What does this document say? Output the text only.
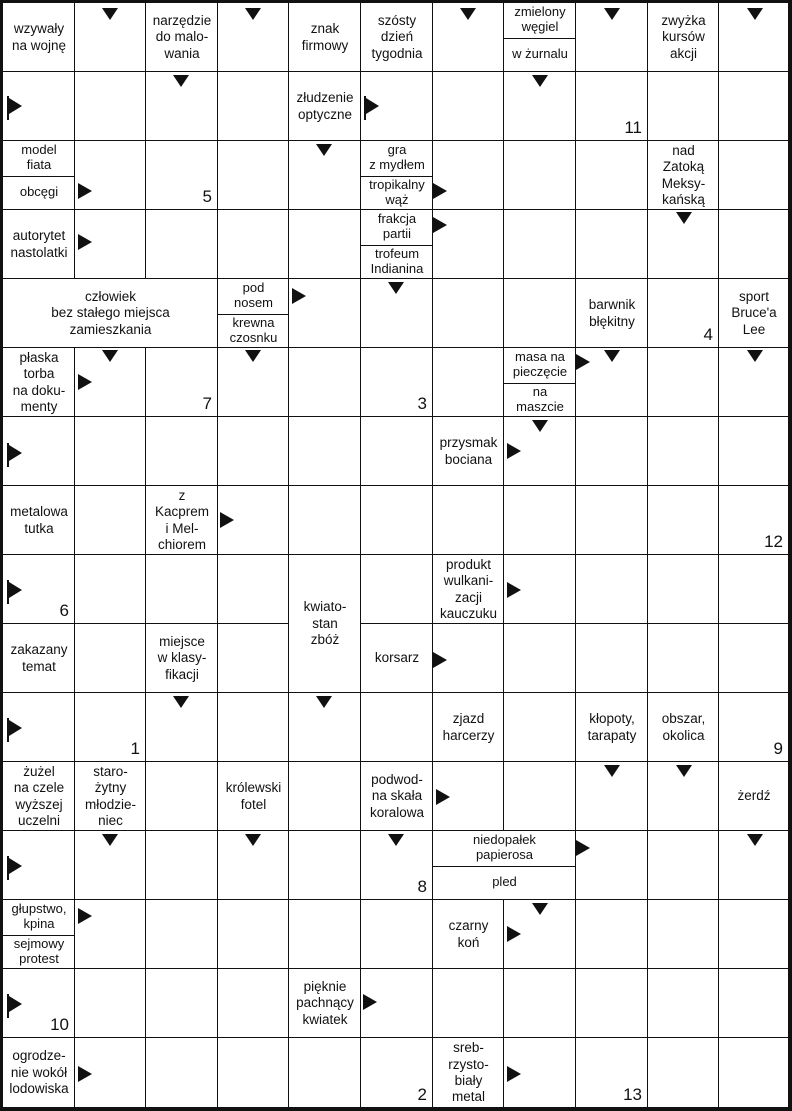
wzywały
na wojnę
narzędzie
do malo-
wania
znak
firmowy
szósty
dzień
tygodnia
zmielony
węgiel
w żurnalu
zwyżka
kursów
akcji
złudzenie
optyczne
model
fiata
obcęgi
gra
z mydłem
tropikalny
wąż
nad
Zatoką
Meksy-
kańską
autorytet
nastolatki
frakcja
partii
trofeum
Indianina
człowiek
bez stałego miejsca
zamieszkania
pod
nosem
krewna
czosnku
barwnik
błękitny
sport
Bruce'a
Lee
płaska
torba
na doku-
menty
masa na
pieczęcie
na
maszcie
przysmak
bociana
metalowa
tutka
z
Kacprem
i Mel-
chiorem
produkt
wulkani-
zacji
kauczuku
kwiato-
stan
zbóż
zakazany
temat
miejsce
w klasy-
fikacji
korsarz
zjazd
harcerzy
kłopoty,
tarapaty
obszar,
okolica
żużel
na czele
wyższej
uczelni
staro-
żytny
młodzie-
niec
królewski
fotel
podwod-
na skała
koralowa
żerdź
niedopałek
papierosa
pled
głupstwo,
kpina
sejmowy
protest
czarny
koń
pięknie
pachnący
kwiatek
ogrodze-
nie wokół
lodowiska
sreb-
rzysto-
biały
metal
11
5
4
7	3
12
6
1	9
8
10
2	13
